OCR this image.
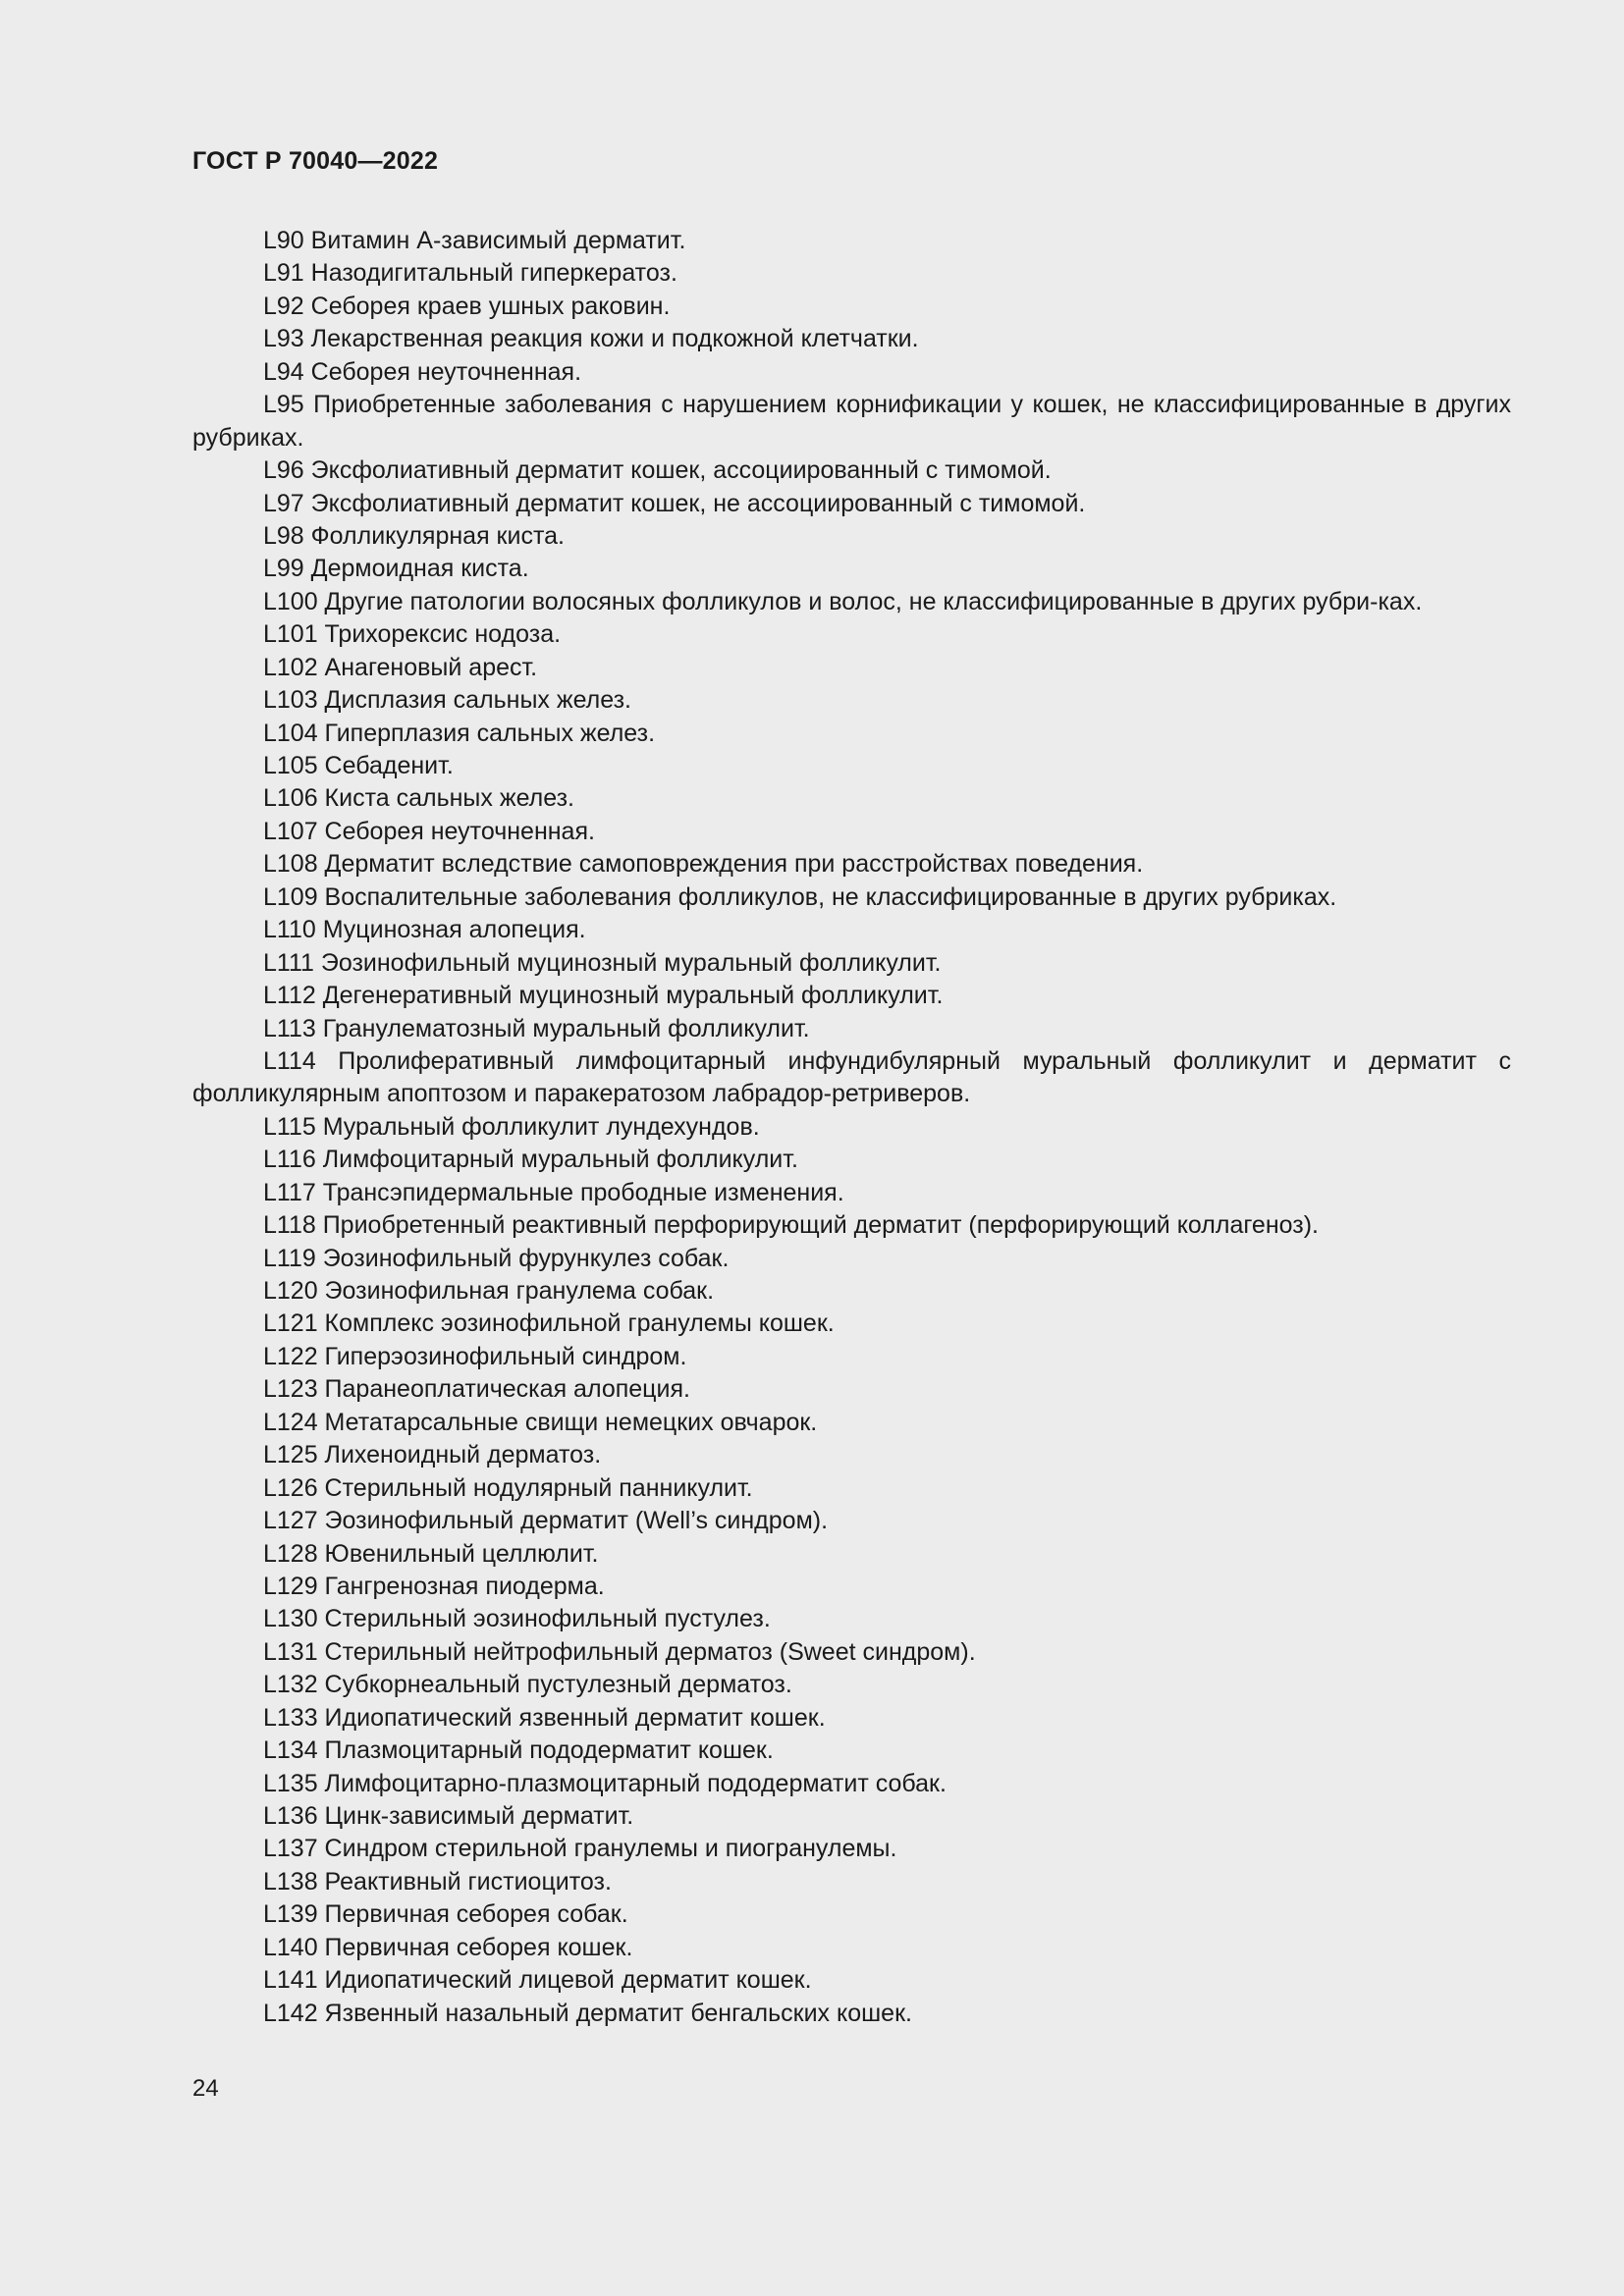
ГОСТ Р 70040—2022

L90 Витамин А-зависимый дерматит.

L91 Назодигитальный гиперкератоз.

L92 Себорея краев ушных раковин.

L93 Лекарственная реакция кожи и подкожной клетчатки.

L94 Себорея неуточненная.

L95 Приобретенные заболевания с нарушением корнификации у кошек, не классифицированные в других рубриках.

L96 Эксфолиативный дерматит кошек, ассоциированный с тимомой.

L97 Эксфолиативный дерматит кошек, не ассоциированный с тимомой.

L98 Фолликулярная киста.

L99 Дермоидная киста.

L100 Другие патологии волосяных фолликулов и волос, не классифицированные в других рубри-ках.

L101 Трихорексис нодоза.

L102 Анагеновый арест.

L103 Дисплазия сальных желез.

L104 Гиперплазия сальных желез.

L105 Себаденит.

L106 Киста сальных желез.

L107 Себорея неуточненная.

L108 Дерматит вследствие самоповреждения при расстройствах поведения.

L109 Воспалительные заболевания фолликулов, не классифицированные в других рубриках.

L110 Муцинозная алопеция.

L111 Эозинофильный муцинозный муральный фолликулит.

L112 Дегенеративный муцинозный муральный фолликулит.

L113 Гранулематозный муральный фолликулит.

L114 Пролиферативный лимфоцитарный инфундибулярный муральный фолликулит и дерматит с фолликулярным апоптозом и паракератозом лабрадор-ретриверов.

L115 Муральный фолликулит лундехундов.

L116 Лимфоцитарный муральный фолликулит.

L117 Трансэпидермальные прободные изменения.

L118 Приобретенный реактивный перфорирующий дерматит (перфорирующий коллагеноз).

L119 Эозинофильный фурункулез собак.

L120 Эозинофильная гранулема собак.

L121 Комплекс эозинофильной гранулемы кошек.

L122 Гиперэозинофильный синдром.

L123 Паранеоплатическая алопеция.

L124 Метатарсальные свищи немецких овчарок.

L125 Лихеноидный дерматоз.

L126 Стерильный нодулярный панникулит.

L127 Эозинофильный дерматит (Well’s синдром).

L128 Ювенильный целлюлит.

L129 Гангренозная пиодерма.

L130 Стерильный эозинофильный пустулез.

L131 Стерильный нейтрофильный дерматоз (Sweet синдром).

L132 Субкорнеальный пустулезный дерматоз.

L133 Идиопатический язвенный дерматит кошек.

L134 Плазмоцитарный пододерматит кошек.

L135 Лимфоцитарно-плазмоцитарный пододерматит собак.

L136 Цинк-зависимый дерматит.

L137 Синдром стерильной гранулемы и пиогранулемы.

L138 Реактивный гистиоцитоз.

L139 Первичная себорея собак.

L140 Первичная себорея кошек.

L141 Идиопатический лицевой дерматит кошек.

L142 Язвенный назальный дерматит бенгальских кошек.

24
